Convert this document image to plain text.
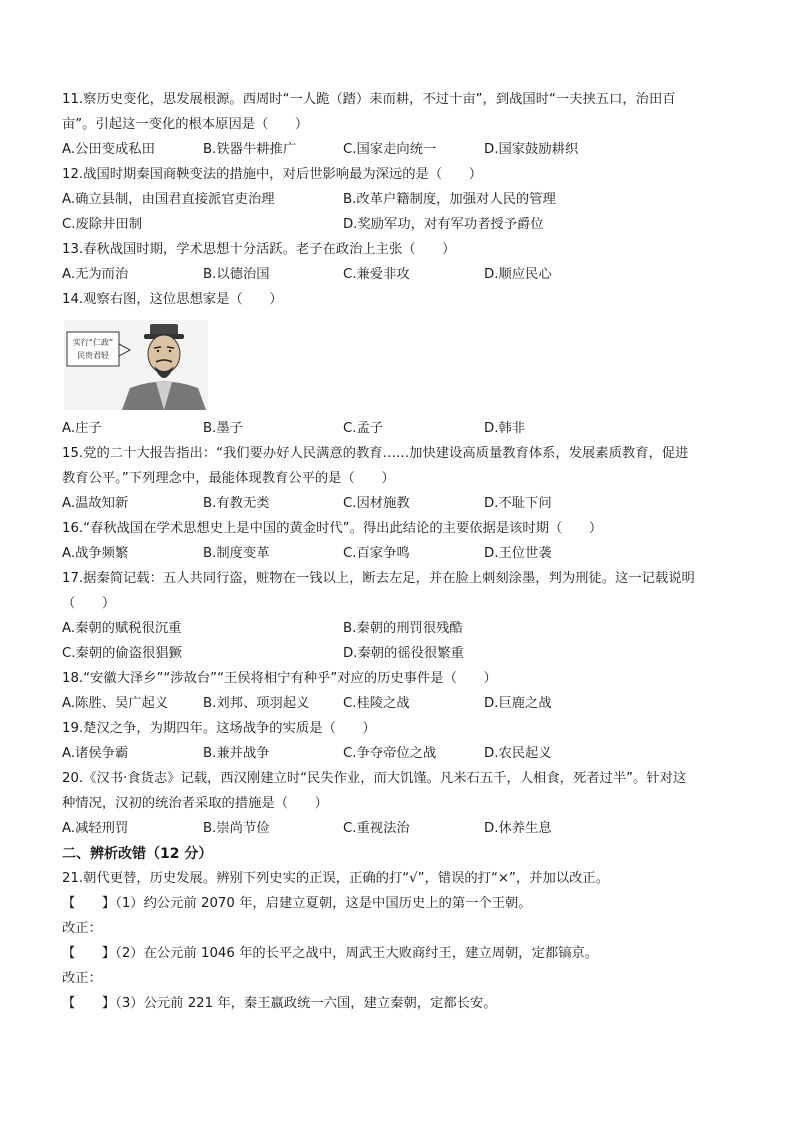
11.察历史变化，思发展根源。西周时“一人跪（踏）耒而耕，不过十亩”，到战国时“一夫挟五口，治田百
亩”。引起这一变化的根本原因是（　　）
A.公田变成私田	B.铁器牛耕推广	C.国家走向统一	D.国家鼓励耕织
12.战国时期秦国商鞅变法的措施中，对后世影响最为深远的是（　　）
A.确立县制，由国君直接派官吏治理	B.改革户籍制度，加强对人民的管理
C.废除井田制	D.奖励军功，对有军功者授予爵位
13.春秋战国时期，学术思想十分活跃。老子在政治上主张（　　）
A.无为而治	B.以德治国	C.兼爱非攻	D.顺应民心
14.观察右图，这位思想家是（　　）
实行“仁政”
民贵君轻
A.庄子	B.墨子	C.孟子	D.韩非
15.党的二十大报告指出：“我们要办好人民满意的教育……加快建设高质量教育体系，发展素质教育，促进
教育公平。”下列理念中，最能体现教育公平的是（　　）
A.温故知新	B.有教无类	C.因材施教	D.不耻下问
16.“春秋战国在学术思想史上是中国的黄金时代”。得出此结论的主要依据是该时期（　　）
A.战争频繁	B.制度变革	C.百家争鸣	D.王位世袭
17.据秦简记载：五人共同行盗，赃物在一钱以上，断去左足，并在脸上刺刻涂墨，判为刑徒。这一记载说明
（　　）
A.秦朝的赋税很沉重	B.秦朝的刑罚很残酷
C.秦朝的偷盗很猖獗	D.秦朝的徭役很繁重
18.“安徽大泽乡”“涉故台”“王侯将相宁有种乎”对应的历史事件是（　　）
A.陈胜、吴广起义	B.刘邦、项羽起义	C.桂陵之战	D.巨鹿之战
19.楚汉之争，为期四年。这场战争的实质是（　　）
A.诸侯争霸	B.兼并战争	C.争夺帝位之战	D.农民起义
20.《汉书·食货志》记载，西汉刚建立时“民失作业，而大饥馑。凡米石五千，人相食，死者过半”。针对这
种情况，汉初的统治者采取的措施是（　　）
A.减轻刑罚	B.崇尚节俭	C.重视法治	D.休养生息
二、辨析改错（12 分）
21.朝代更替，历史发展。辨别下列史实的正误，正确的打“√”，错误的打“×”，并加以改正。
【　　】（1）约公元前 2070 年，启建立夏朝，这是中国历史上的第一个王朝。
改正：
【　　】（2）在公元前 1046 年的长平之战中，周武王大败商纣王，建立周朝，定都镐京。
改正：
【　　】（3）公元前 221 年，秦王嬴政统一六国，建立秦朝，定都长安。
